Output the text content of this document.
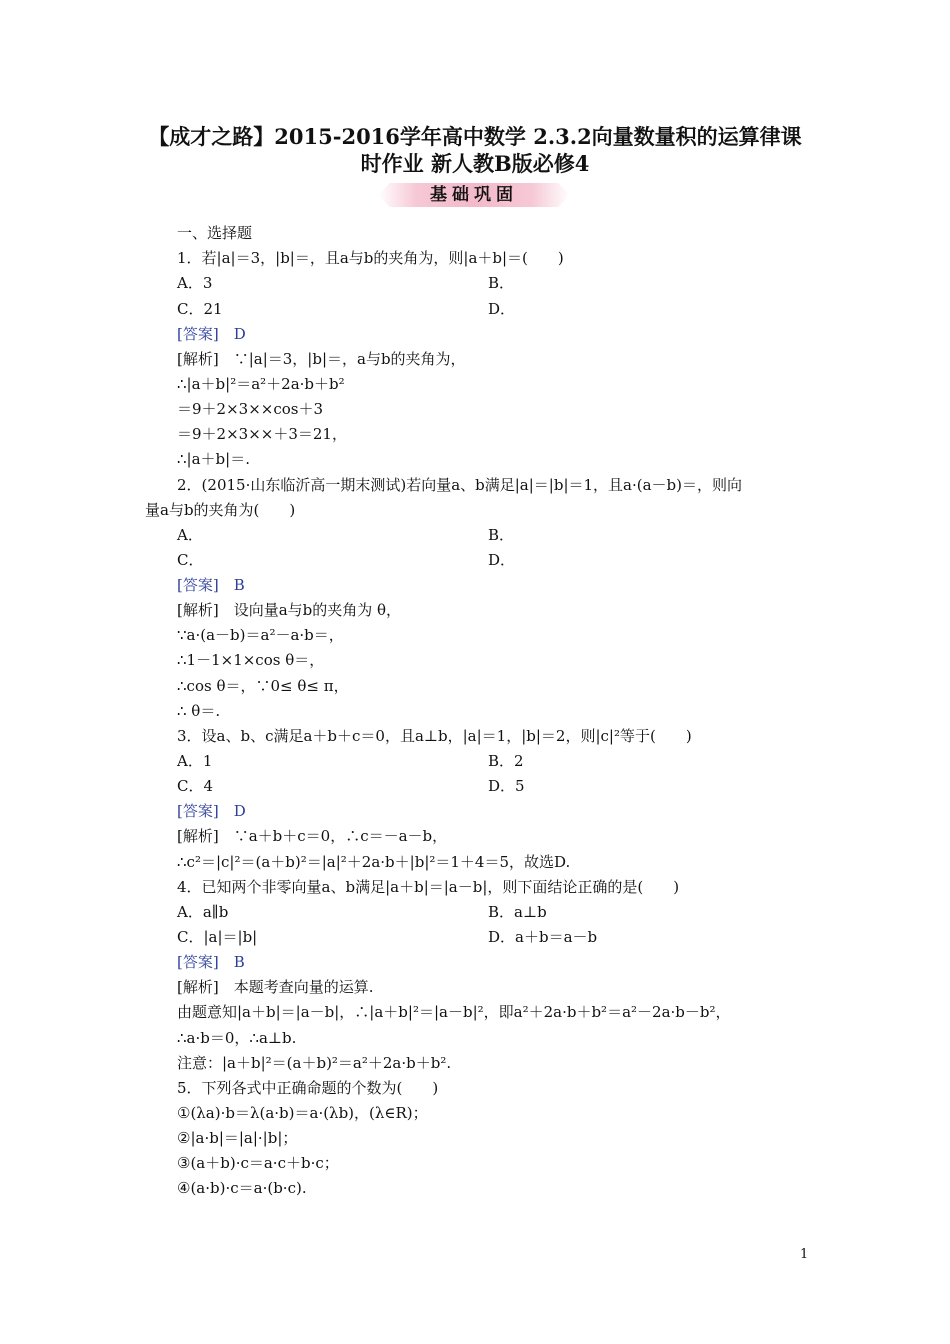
【成才之路】2015-2016学年高中数学 2.3.2向量数量积的运算律课
时作业 新人教B版必修4
基础巩固
一、选择题
1．若|a|＝3，|b|＝，且a与b的夹角为，则|a＋b|＝(　　)
A．3	B．
C．21	D．
[答案]　D
[解析]　∵|a|＝3，|b|＝，a与b的夹角为，
∴|a＋b|²＝a²＋2a·b＋b²
＝9＋2×3××cos＋3
＝9＋2×3××＋3＝21，
∴|a＋b|＝.
2．(2015·山东临沂高一期末测试)若向量a、b满足|a|＝|b|＝1，且a·(a－b)＝，则向
量a与b的夹角为(　　)
A．	B．
C．	D．
[答案]　B
[解析]　设向量a与b的夹角为 θ，
∵a·(a－b)＝a²－a·b＝，
∴1－1×1×cos θ＝，
∴cos θ＝，∵0≤ θ≤ π，
∴ θ＝.
3．设a、b、c满足a＋b＋c＝0，且a⊥b，|a|＝1，|b|＝2，则|c|²等于(　　)
A．1	B．2
C．4	D．5
[答案]　D
[解析]　∵a＋b＋c＝0，∴c＝－a－b，
∴c²＝|c|²＝(a＋b)²＝|a|²＋2a·b＋|b|²＝1＋4＝5，故选D.
4．已知两个非零向量a、b满足|a＋b|＝|a－b|，则下面结论正确的是(　　)
A．a∥b	B．a⊥b
C．|a|＝|b|	D．a＋b＝a－b
[答案]　B
[解析]　本题考查向量的运算.
由题意知|a＋b|＝|a－b|，∴|a＋b|²＝|a－b|²，即a²＋2a·b＋b²＝a²－2a·b－b²，
∴a·b＝0，∴a⊥b.
注意：|a＋b|²＝(a＋b)²＝a²＋2a·b＋b².
5．下列各式中正确命题的个数为(　　)
①(λa)·b＝λ(a·b)＝a·(λb)，(λ∈R)；
②|a·b|＝|a|·|b|；
③(a＋b)·c＝a·c＋b·c；
④(a·b)·c＝a·(b·c).
1
